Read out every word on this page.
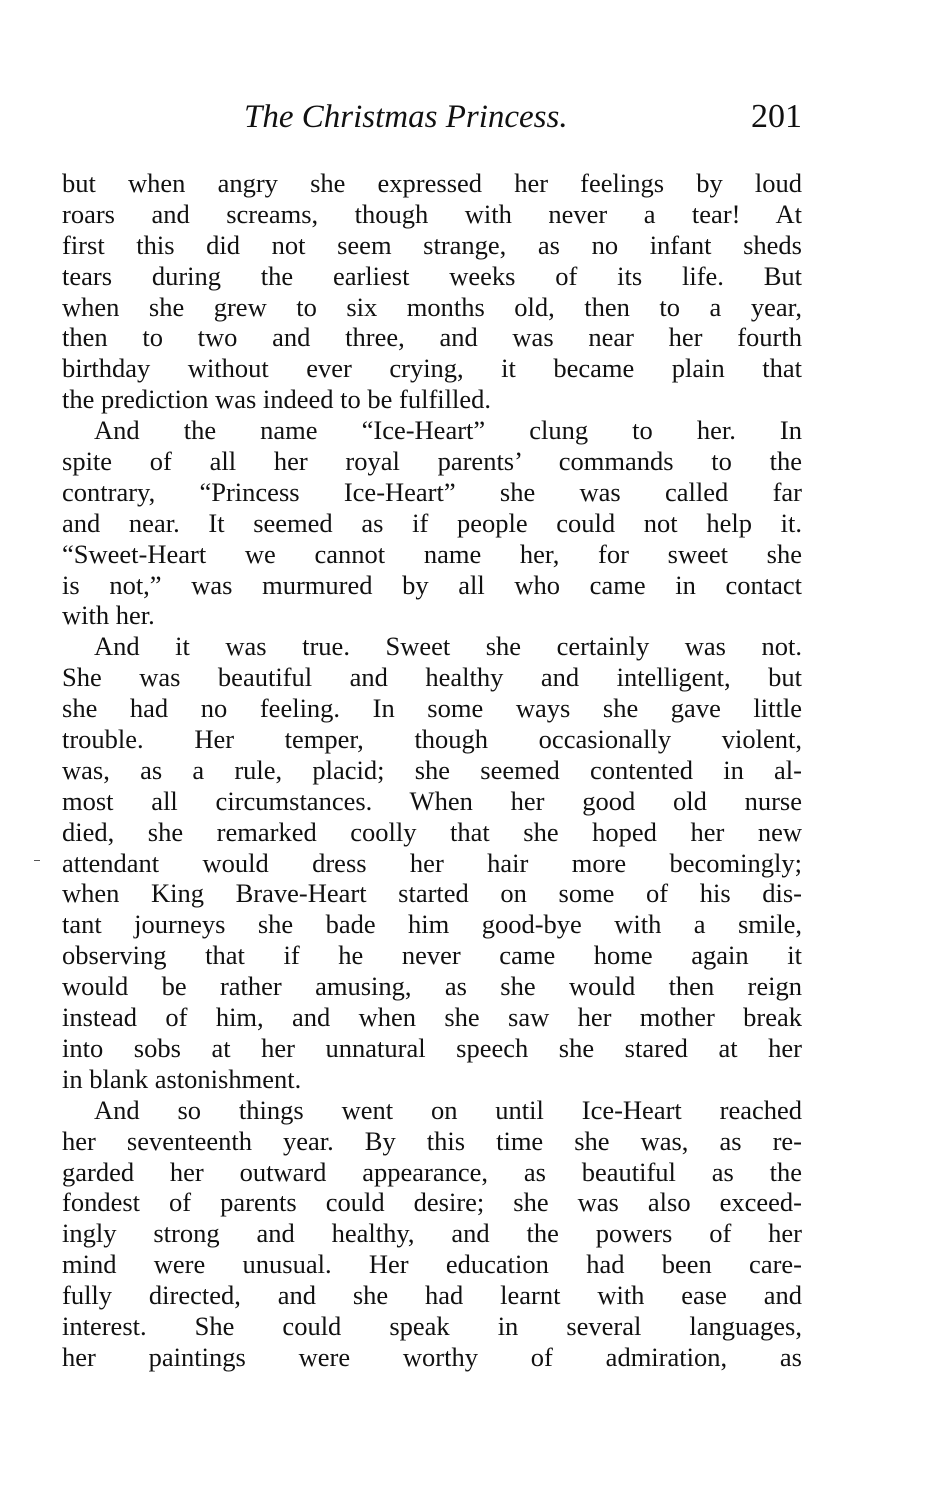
The Christmas Princess.	201
but when angry she expressed her feelings by loud
roars and screams, though with never a tear! At
first this did not seem strange, as no infant sheds
tears during the earliest weeks of its life. But
when she grew to six months old, then to a year,
then to two and three, and was near her fourth
birthday without ever crying, it became plain that
the prediction was indeed to be fulfilled.
And the name “Ice-Heart” clung to her. In
spite of all her royal parents’ commands to the
contrary, “Princess Ice-Heart” she was called far
and near. It seemed as if people could not help it.
“Sweet-Heart we cannot name her, for sweet she
is not,” was murmured by all who came in contact
with her.
And it was true. Sweet she certainly was not.
She was beautiful and healthy and intelligent, but
she had no feeling. In some ways she gave little
trouble. Her temper, though occasionally violent,
was, as a rule, placid; she seemed contented in al-
most all circumstances. When her good old nurse
died, she remarked coolly that she hoped her new
attendant would dress her hair more becomingly;
when King Brave-Heart started on some of his dis-
tant journeys she bade him good-bye with a smile,
observing that if he never came home again it
would be rather amusing, as she would then reign
instead of him, and when she saw her mother break
into sobs at her unnatural speech she stared at her
in blank astonishment.
And so things went on until Ice-Heart reached
her seventeenth year. By this time she was, as re-
garded her outward appearance, as beautiful as the
fondest of parents could desire; she was also exceed-
ingly strong and healthy, and the powers of her
mind were unusual. Her education had been care-
fully directed, and she had learnt with ease and
interest. She could speak in several languages,
her paintings were worthy of admiration, as
